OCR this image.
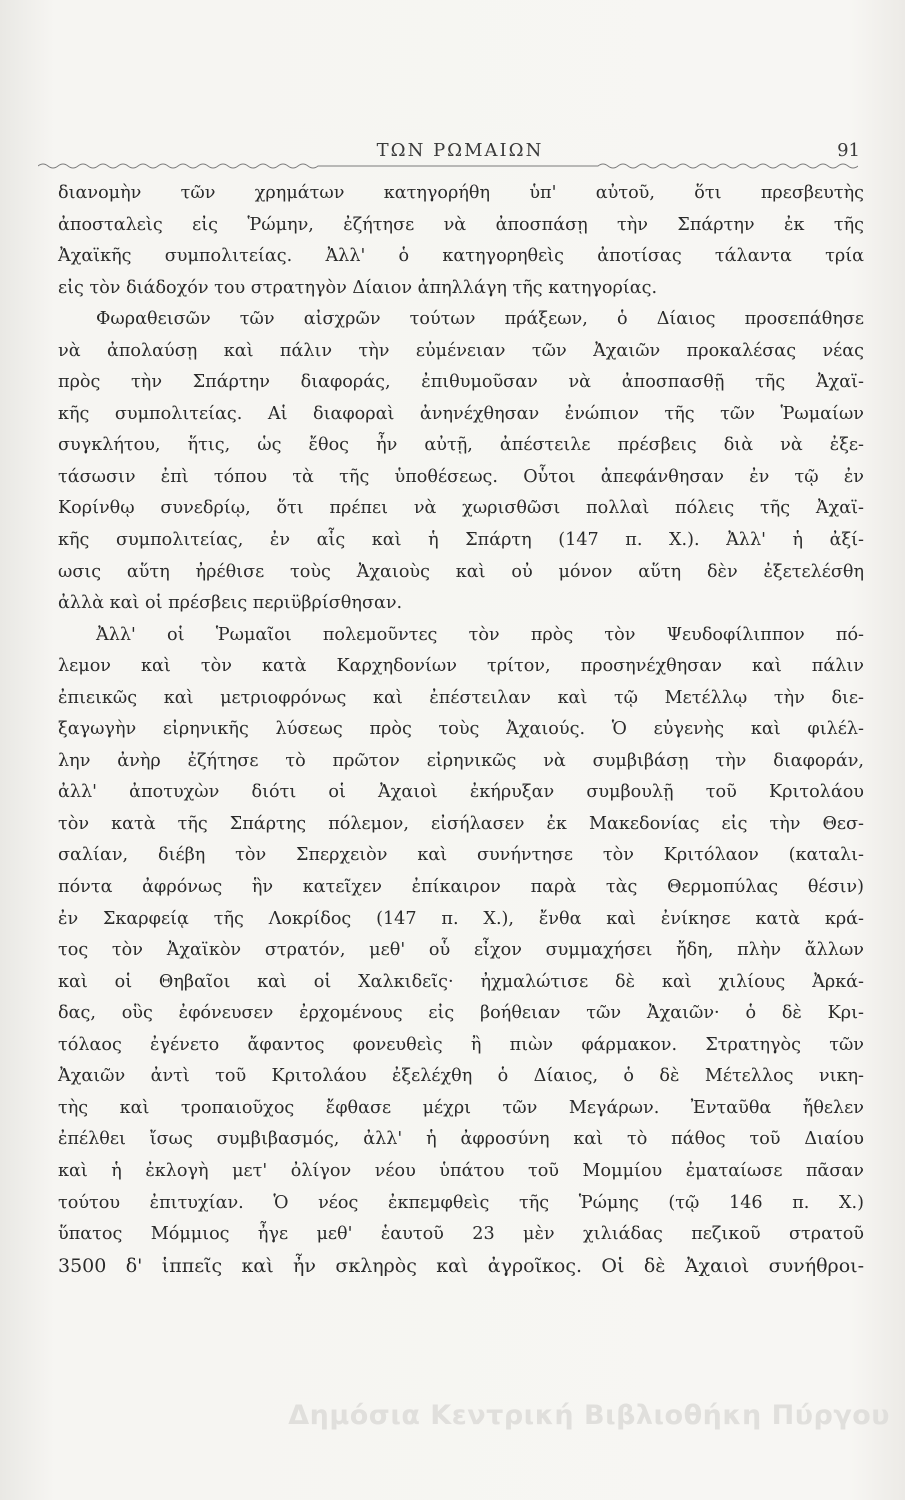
ΤΩΝ ΡΩΜΑΙΩΝ	91
διανομὴν τῶν χρημάτων κατηγορήθη ὑπ' αὐτοῦ, ὅτι πρεσβευτὴς
ἀποσταλεὶς εἰς Ῥώμην, ἐζήτησε νὰ ἀποσπάσῃ τὴν Σπάρτην ἐκ τῆς
Ἀχαϊκῆς συμπολιτείας. Ἀλλ' ὁ κατηγορηθεὶς ἀποτίσας τάλαντα τρία
εἰς τὸν διάδοχόν του στρατηγὸν Δίαιον ἀπηλλάγη τῆς κατηγορίας.
Φωραθεισῶν τῶν αἰσχρῶν τούτων πράξεων, ὁ Δίαιος προσεπάθησε
νὰ ἀπολαύσῃ καὶ πάλιν τὴν εὐμένειαν τῶν Ἀχαιῶν προκαλέσας νέας
πρὸς τὴν Σπάρτην διαφοράς, ἐπιθυμοῦσαν νὰ ἀποσπασθῇ τῆς Ἀχαϊ-
κῆς συμπολιτείας. Αἱ διαφοραὶ ἀνηνέχθησαν ἐνώπιον τῆς τῶν Ῥωμαίων
συγκλήτου, ἥτις, ὡς ἔθος ἦν αὐτῇ, ἀπέστειλε πρέσβεις διὰ νὰ ἐξε-
τάσωσιν ἐπὶ τόπου τὰ τῆς ὑποθέσεως. Οὗτοι ἀπεφάνθησαν ἐν τῷ ἐν
Κορίνθῳ συνεδρίῳ, ὅτι πρέπει νὰ χωρισθῶσι πολλαὶ πόλεις τῆς Ἀχαϊ-
κῆς συμπολιτείας, ἐν αἷς καὶ ἡ Σπάρτη (147 π. Χ.). Ἀλλ' ἡ ἀξί-
ωσις αὕτη ἠρέθισε τοὺς Ἀχαιοὺς καὶ οὐ μόνον αὕτη δὲν ἐξετελέσθη
ἀλλὰ καὶ οἱ πρέσβεις περιϋβρίσθησαν.
Ἀλλ' οἱ Ῥωμαῖοι πολεμοῦντες τὸν πρὸς τὸν Ψευδοφίλιππον πό-
λεμον καὶ τὸν κατὰ Καρχηδονίων τρίτον, προσηνέχθησαν καὶ πάλιν
ἐπιεικῶς καὶ μετριοφρόνως καὶ ἐπέστειλαν καὶ τῷ Μετέλλῳ τὴν διε-
ξαγωγὴν εἰρηνικῆς λύσεως πρὸς τοὺς Ἀχαιούς. Ὁ εὐγενὴς καὶ φιλέλ-
λην ἀνὴρ ἐζήτησε τὸ πρῶτον εἰρηνικῶς νὰ συμβιβάσῃ τὴν διαφοράν,
ἀλλ' ἀποτυχὼν διότι οἱ Ἀχαιοὶ ἐκήρυξαν συμβουλῇ τοῦ Κριτολάου
τὸν κατὰ τῆς Σπάρτης πόλεμον, εἰσήλασεν ἐκ Μακεδονίας εἰς τὴν Θεσ-
σαλίαν, διέβη τὸν Σπερχειὸν καὶ συνήντησε τὸν Κριτόλαον (καταλι-
πόντα ἀφρόνως ἣν κατεῖχεν ἐπίκαιρον παρὰ τὰς Θερμοπύλας θέσιν)
ἐν Σκαρφείᾳ τῆς Λοκρίδος (147 π. Χ.), ἔνθα καὶ ἐνίκησε κατὰ κρά-
τος τὸν Ἀχαϊκὸν στρατόν, μεθ' οὗ εἶχον συμμαχήσει ἤδη, πλὴν ἄλλων
καὶ οἱ Θηβαῖοι καὶ οἱ Χαλκιδεῖς· ἠχμαλώτισε δὲ καὶ χιλίους Ἀρκά-
δας, οὓς ἐφόνευσεν ἐρχομένους εἰς βοήθειαν τῶν Ἀχαιῶν· ὁ δὲ Κρι-
τόλαος ἐγένετο ἄφαντος φονευθεὶς ἢ πιὼν φάρμακον. Στρατηγὸς τῶν
Ἀχαιῶν ἀντὶ τοῦ Κριτολάου ἐξελέχθη ὁ Δίαιος, ὁ δὲ Μέτελλος νικη-
τὴς καὶ τροπαιοῦχος ἔφθασε μέχρι τῶν Μεγάρων. Ἐνταῦθα ἤθελεν
ἐπέλθει ἴσως συμβιβασμός, ἀλλ' ἡ ἀφροσύνη καὶ τὸ πάθος τοῦ Διαίου
καὶ ἡ ἐκλογὴ μετ' ὀλίγον νέου ὑπάτου τοῦ Μομμίου ἐματαίωσε πᾶσαν
τούτου ἐπιτυχίαν. Ὁ νέος ἐκπεμφθεὶς τῆς Ῥώμης (τῷ 146 π. Χ.)
ὕπατος Μόμμιος ἦγε μεθ' ἑαυτοῦ 23 μὲν χιλιάδας πεζικοῦ στρατοῦ
3500 δ' ἱππεῖς καὶ ἦν σκληρὸς καὶ ἀγροῖκος. Οἱ δὲ Ἀχαιοὶ συνήθροι-
Δημόσια Κεντρική Βιβλιοθήκη Πύργου
